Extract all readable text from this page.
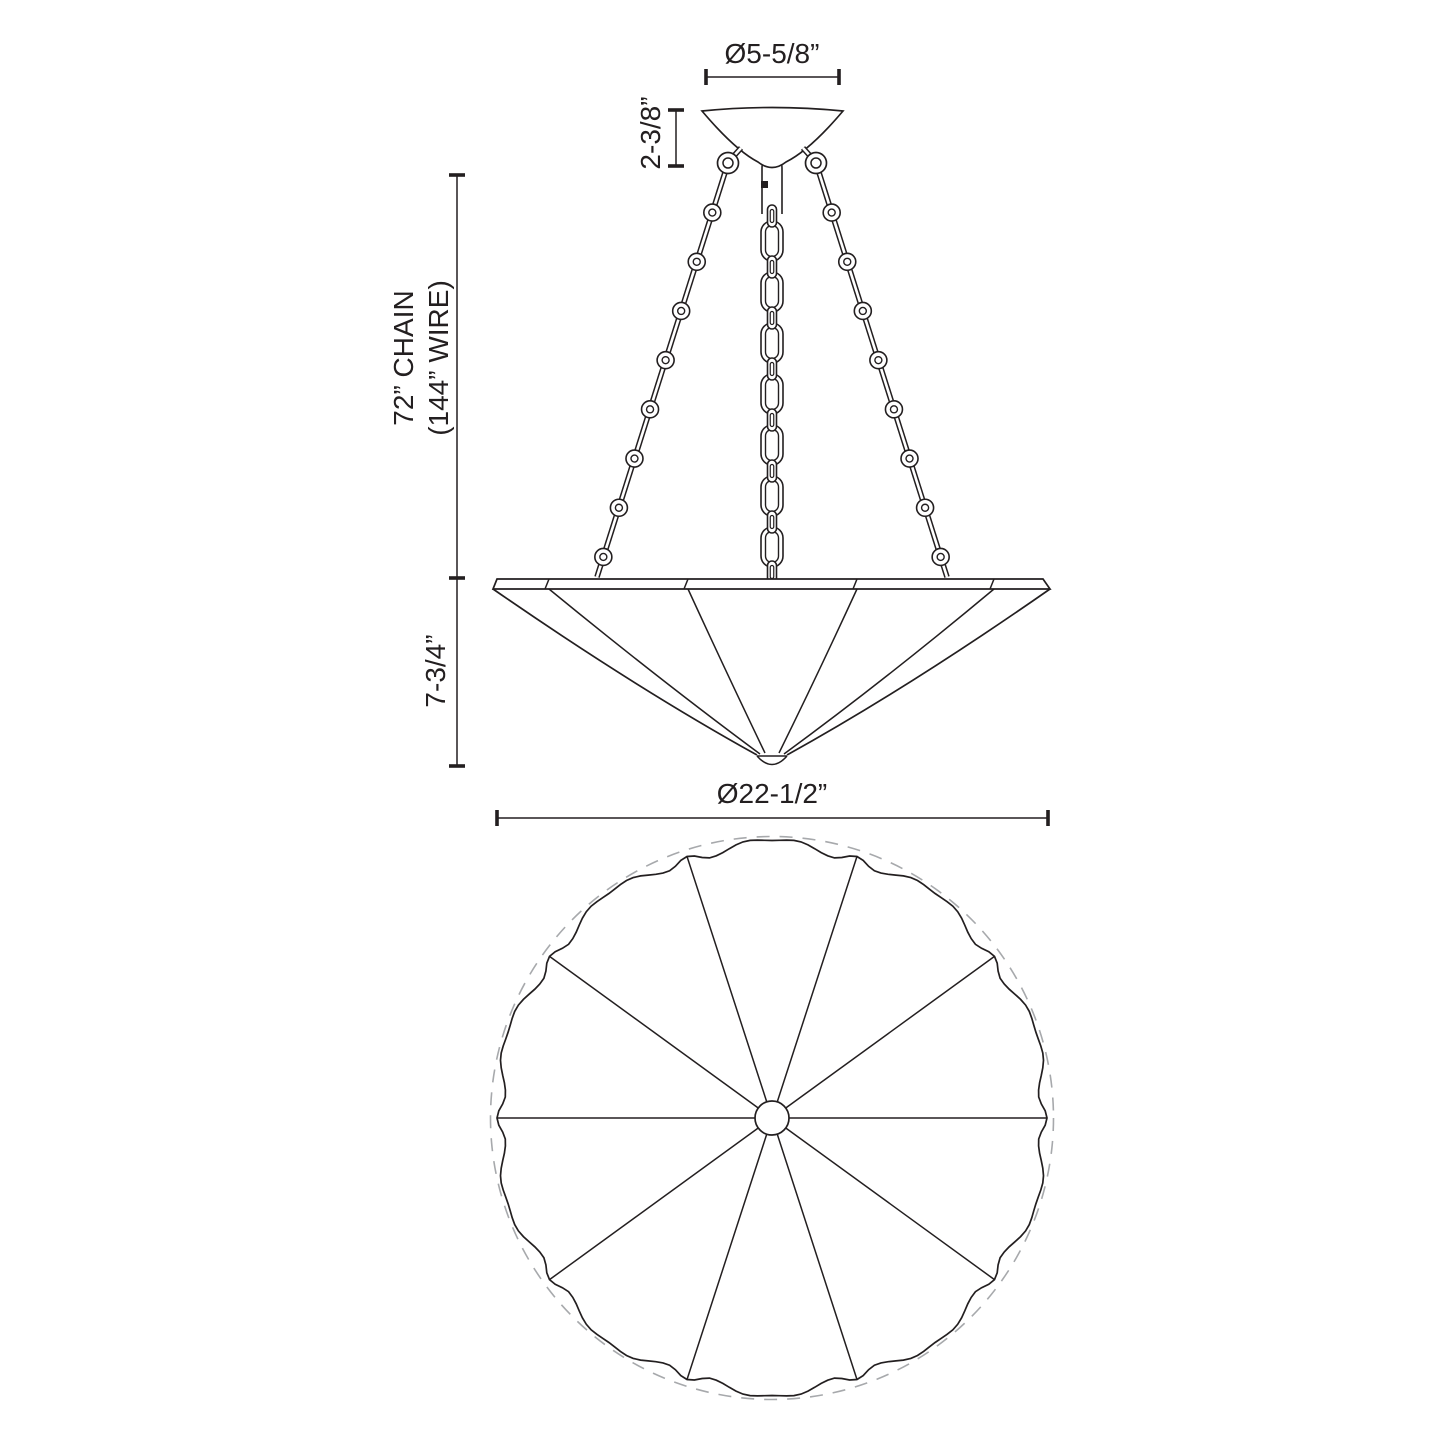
Ø5-5/8”
2-3/8”
72” CHAIN (144” WIRE)
7-3/4”
Ø22-1/2”
